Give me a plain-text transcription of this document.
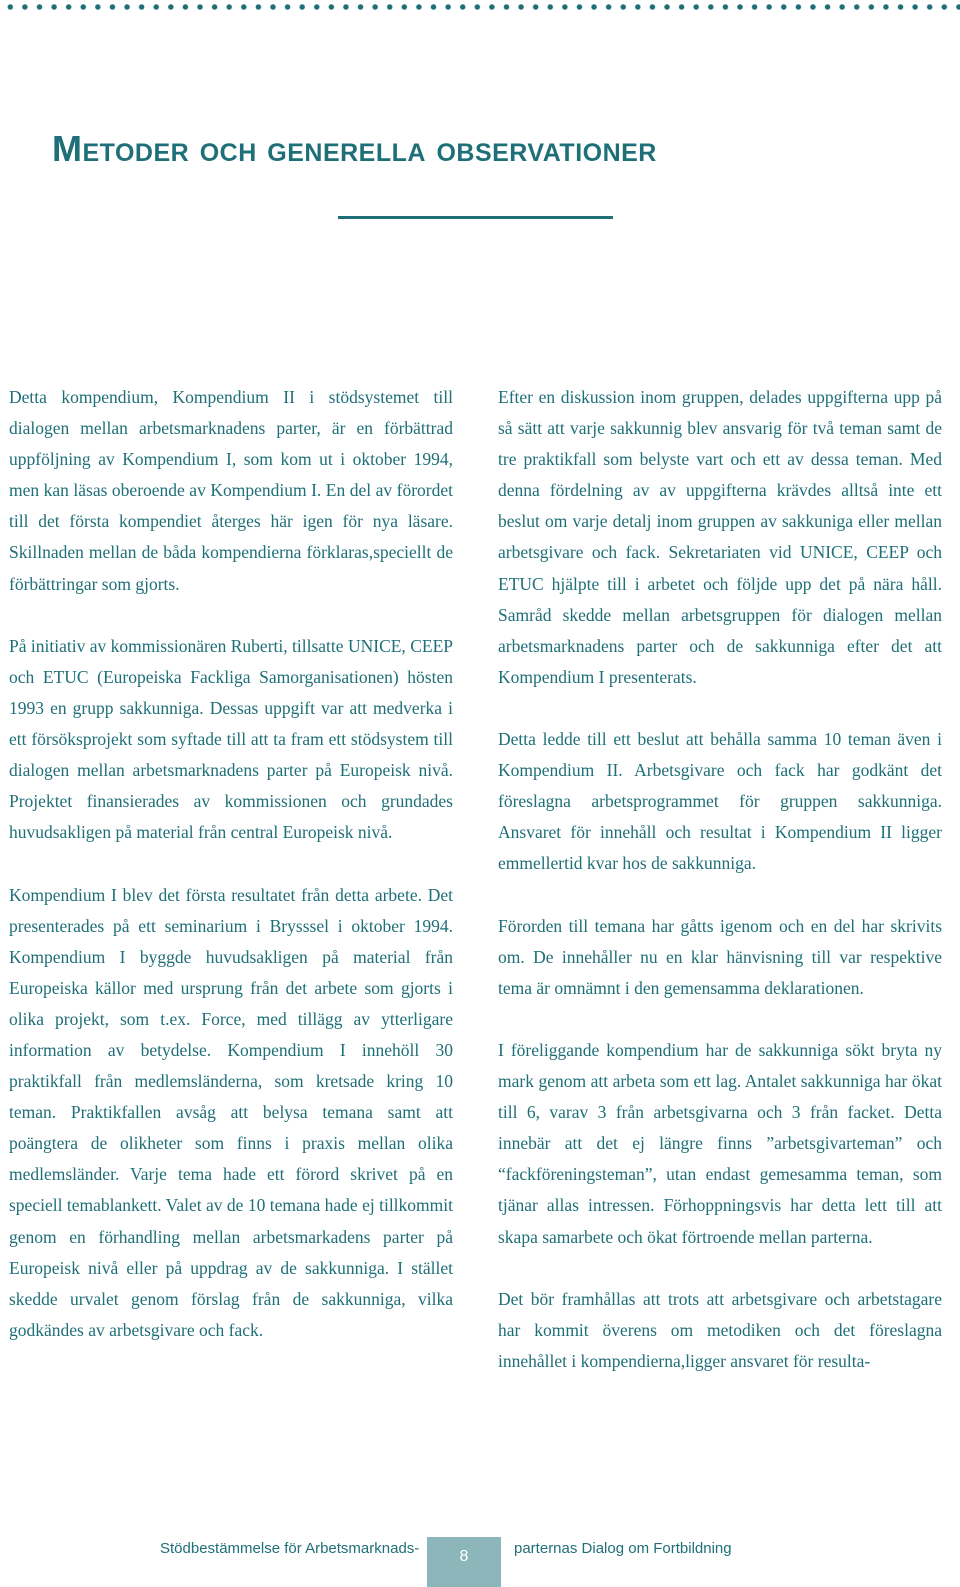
Metoder och generella observationer

Detta kompendium, Kompendium II i stödsystemet till dialogen mellan arbetsmarknadens parter, är en förbättrad uppföljning av Kompendium I, som kom ut i oktober 1994, men kan läsas oberoende av Kompendium I. En del av förordet till det första kompendiet återges här igen för nya läsare. Skillnaden mellan de båda kompendierna förklaras,speciellt de förbättringar som gjorts.

På initiativ av kommissionären Ruberti, tillsatte UNICE, CEEP och ETUC (Europeiska Fackliga Samorganisationen) hösten 1993 en grupp sakkunniga. Dessas uppgift var att medverka i ett försöksprojekt som syftade till att ta fram ett stödsystem till dialogen mellan arbetsmarknadens parter på Europeisk nivå. Projektet finansierades av kommissionen och grundades huvudsakligen på material från central Europeisk nivå.

Kompendium I blev det första resultatet från detta arbete. Det presenterades på ett seminarium i Brysssel i oktober 1994. Kompendium I byggde huvudsakligen på material från Europeiska källor med ursprung från det arbete som gjorts i olika projekt, som t.ex. Force, med tillägg av ytterligare information av betydelse. Kompendium I innehöll 30 praktikfall från medlemsländerna, som kretsade kring 10 teman. Praktikfallen avsåg att belysa temana samt att poängtera de olikheter som finns i praxis mellan olika medlemsländer. Varje tema hade ett förord skrivet på en speciell temablankett. Valet av de 10 temana hade ej tillkommit genom en förhandling mellan arbetsmarkadens parter på Europeisk nivå eller på uppdrag av de sakkunniga. I stället skedde urvalet genom förslag från de sakkunniga, vilka godkändes av arbetsgivare och fack.

Efter en diskussion inom gruppen, delades uppgifterna upp på så sätt att varje sakkunnig blev ansvarig för två teman samt de tre praktikfall som belyste vart och ett av dessa teman. Med denna fördelning av av uppgifterna krävdes alltså inte ett beslut om varje detalj inom gruppen av sakkuniga eller mellan arbetsgivare och fack. Sekretariaten vid UNICE, CEEP och ETUC hjälpte till i arbetet och följde upp det på nära håll. Samråd skedde mellan arbetsgruppen för dialogen mellan arbetsmarknadens parter och de sakkunniga efter det att Kompendium I presenterats.

Detta ledde till ett beslut att behålla samma 10 teman även i Kompendium II. Arbetsgivare och fack har godkänt det föreslagna arbetsprogrammet för gruppen sakkunniga. Ansvaret för innehåll och resultat i Kompendium II ligger emmellertid kvar hos de sakkunniga.

Förorden till temana har gåtts igenom och en del har skrivits om. De innehåller nu en klar hänvisning till var respektive tema är omnämnt i den gemensamma deklarationen.

I föreliggande kompendium har de sakkunniga sökt bryta ny mark genom att arbeta som ett lag. Antalet sakkunniga har ökat till 6, varav 3 från arbetsgivarna och 3 från facket. Detta innebär att det ej längre finns ”arbetsgivarteman” och “fackföreningsteman”, utan endast gemesamma teman, som tjänar allas intressen. Förhoppningsvis har detta lett till att skapa samarbete och ökat förtroende mellan parterna.

Det bör framhållas att trots att arbetsgivare och arbetstagare har kommit överens om metodiken och det föreslagna innehållet i kompendierna,ligger ansvaret för resulta-

Stödbestämmelse för Arbetsmarknads-	8	parternas Dialog om Fortbildning
